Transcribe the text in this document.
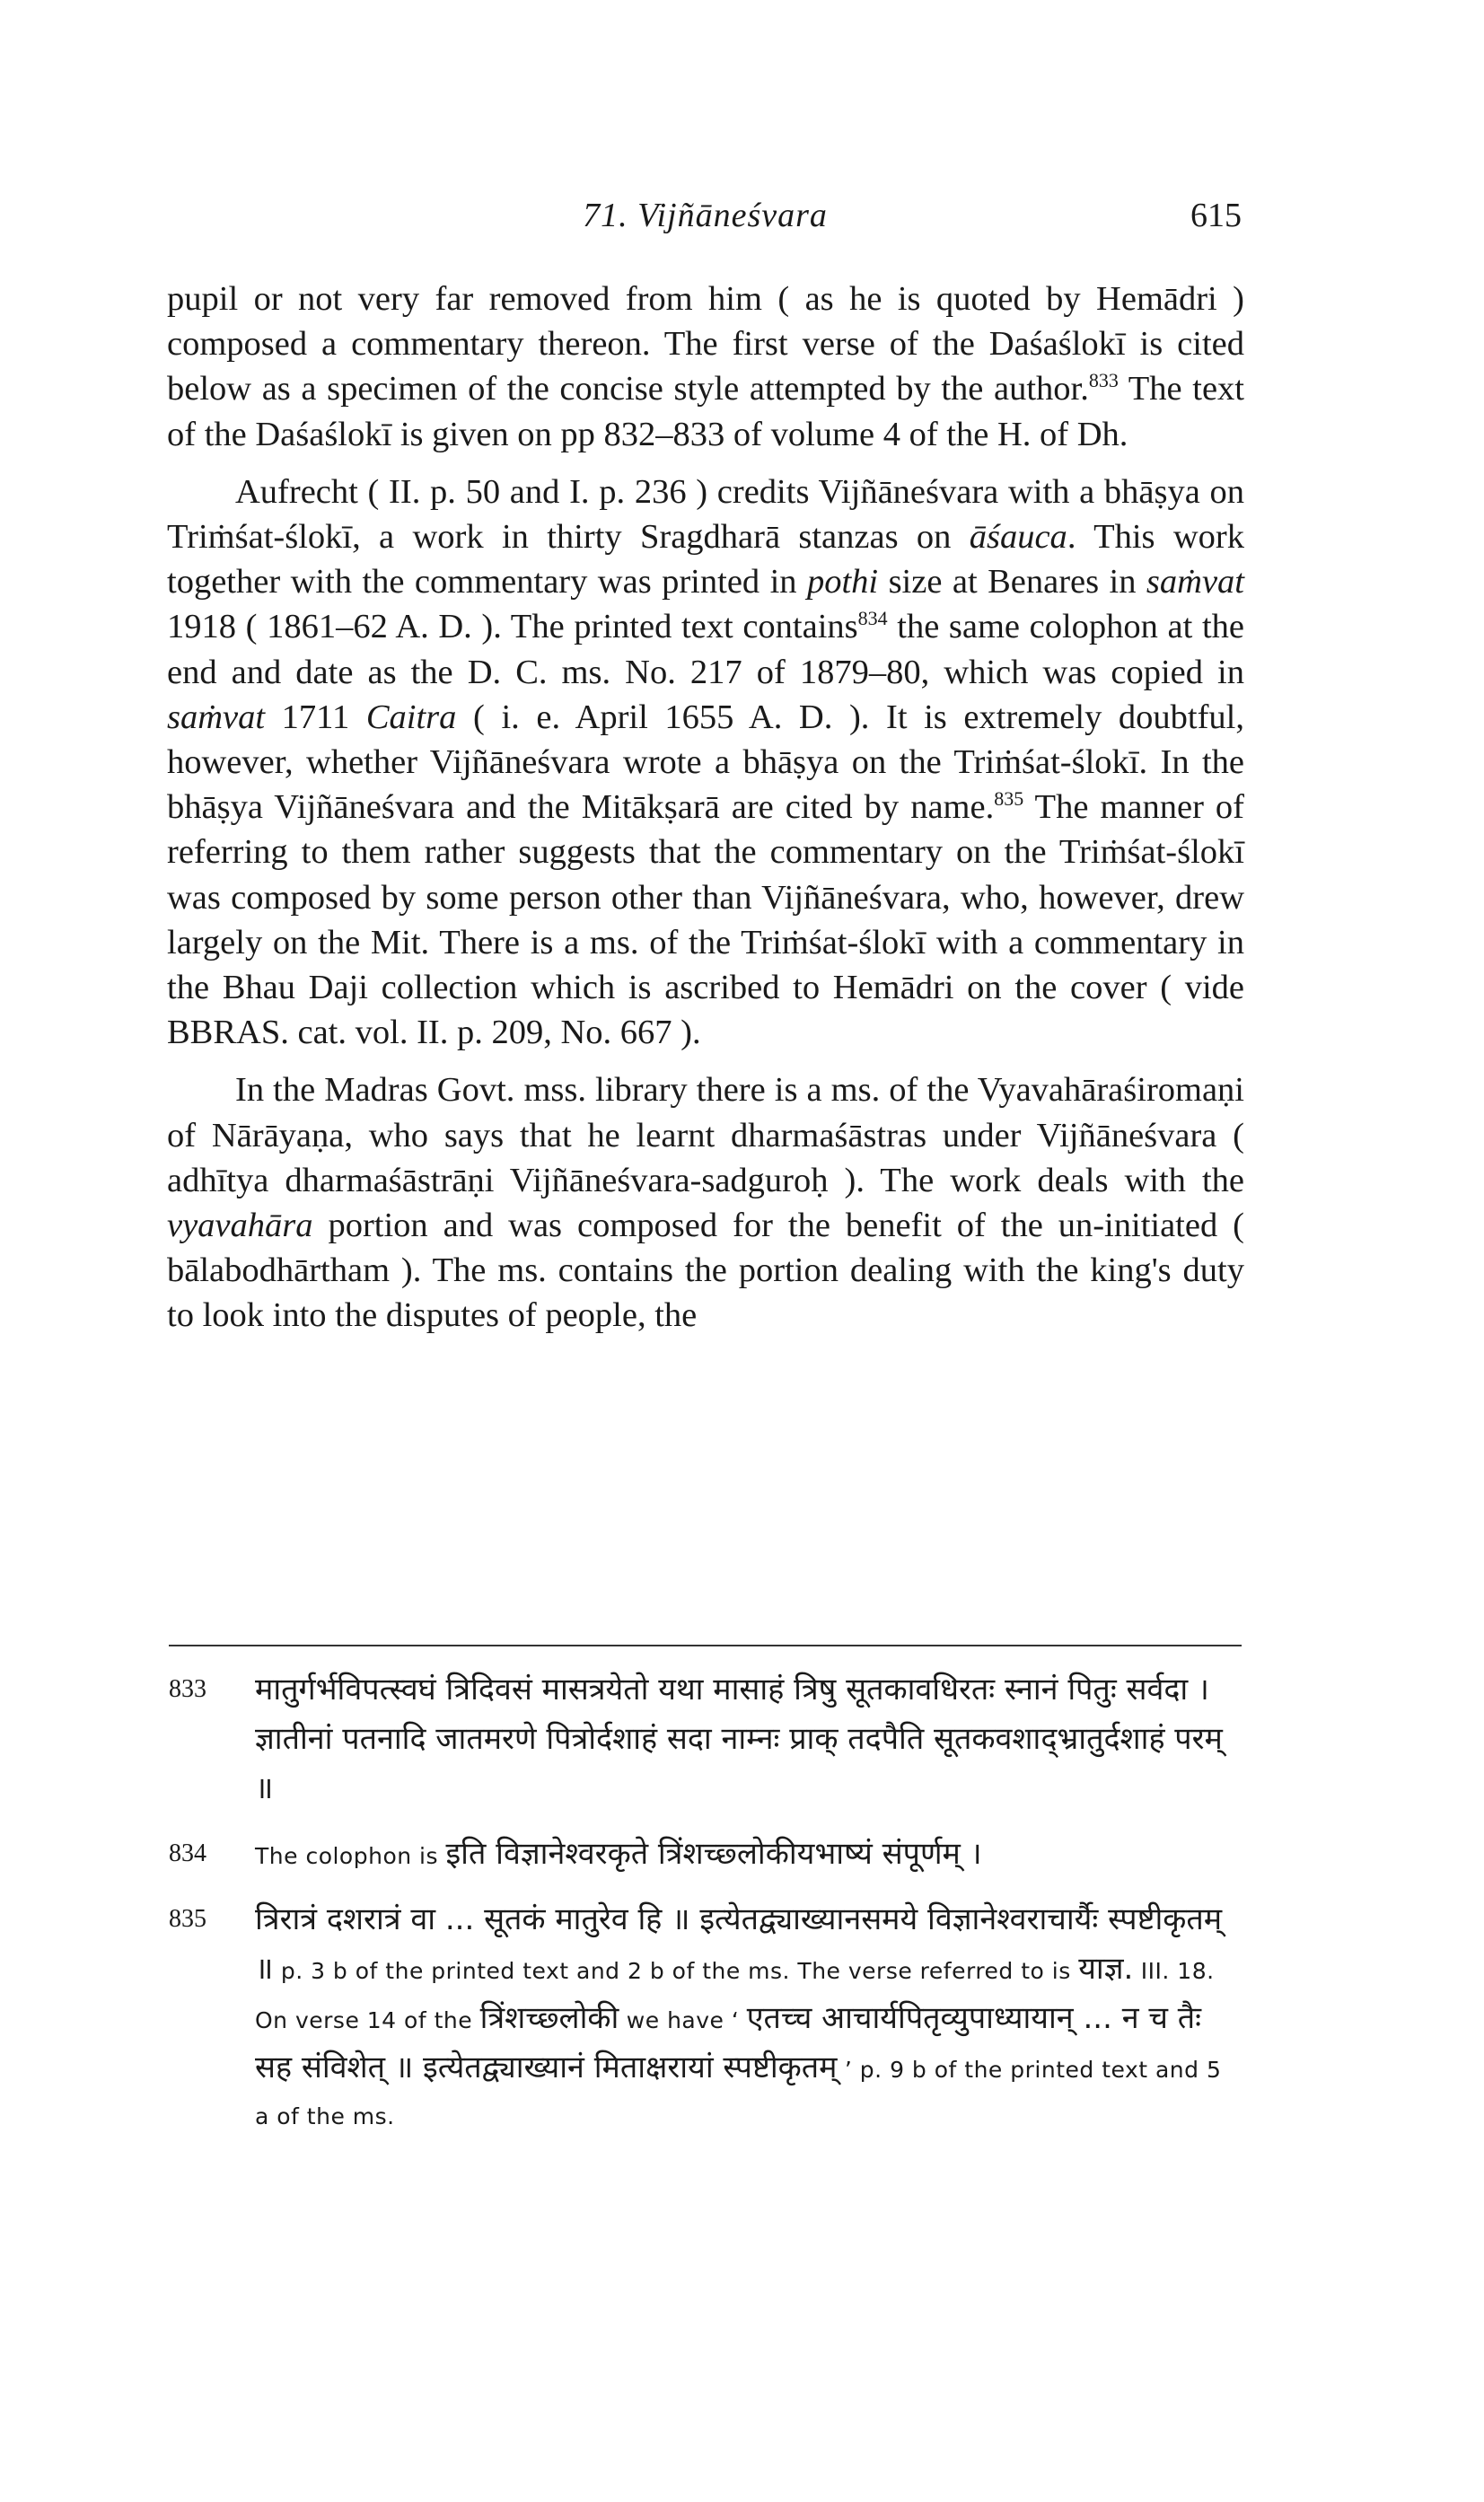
71. Vijñāneśvara	615

pupil or not very far removed from him ( as he is quoted by Hemādri ) composed a commentary thereon. The first verse of the Daśaślokī is cited below as a specimen of the concise style attempted by the author.$^{833}$ The text of the Daśaślokī is given on pp 832–833 of volume 4 of the H. of Dh.

Aufrecht ( II. p. 50 and I. p. 236 ) credits Vijñāneśvara with a bhāṣya on Triṁśat-ślokī, a work in thirty Sragdharā stanzas on āśauca. This work together with the commentary was printed in pothi size at Benares in saṁvat 1918 ( 1861–62 A. D. ). The printed text contains$^{834}$ the same colophon at the end and date as the D. C. ms. No. 217 of 1879–80, which was copied in saṁvat 1711 Caitra ( i. e. April 1655 A. D. ). It is extremely doubtful, however, whether Vijñāneśvara wrote a bhāṣya on the Triṁśat-ślokī. In the bhāṣya Vijñāneśvara and the Mitākṣarā are cited by name.$^{835}$ The manner of referring to them rather suggests that the commentary on the Triṁśat-ślokī was composed by some person other than Vijñāneśvara, who, however, drew largely on the Mit. There is a ms. of the Triṁśat-ślokī with a commentary in the Bhau Daji collection which is ascribed to Hemādri on the cover ( vide BBRAS. cat. vol. II. p. 209, No. 667 ).

In the Madras Govt. mss. library there is a ms. of the Vyavahāraśiromaṇi of Nārāyaṇa, who says that he learnt dharmaśāstras under Vijñāneśvara ( adhītya dharmaśāstrāṇi Vijñāneśvara-sadguroḥ ). The work deals with the vyavahāra portion and was composed for the benefit of the un-initiated ( bālabodhārtham ). The ms. contains the portion dealing with the king's duty to look into the disputes of people, the

833 मातुर्गर्भविपत्स्वघं त्रिदिवसं मासत्रयेतो यथा मासाहं त्रिषु सूतकावधिरतः स्नानं पितुः सर्वदा । ज्ञातीनां पतनादि जातमरणे पित्रोर्दशाहं सदा नाम्नः प्राक् तदपैति सूतकवशाद्भ्रातुर्दशाहं परम् ॥
834 The colophon is इति विज्ञानेश्वरकृते त्रिंशच्छ्लोकीयभाष्यं संपूर्णम् ।
835 त्रिरात्रं दशरात्रं वा ... सूतकं मातुरेव हि ॥ इत्येतद्व्याख्यानसमये विज्ञानेश्वराचार्यैः स्पष्टीकृतम् ॥ p. 3 b of the printed text and 2 b of the ms. The verse referred to is याज्ञ. III. 18. On verse 14 of the त्रिंशच्छ्लोकी we have ‘ एतच्च आचार्यपितृव्युपाध्यायान् ... न च तैः सह संविशेत् ॥ इत्येतद्व्याख्यानं मिताक्षरायां स्पष्टीकृतम् ’ p. 9 b of the printed text and 5 a of the ms.
